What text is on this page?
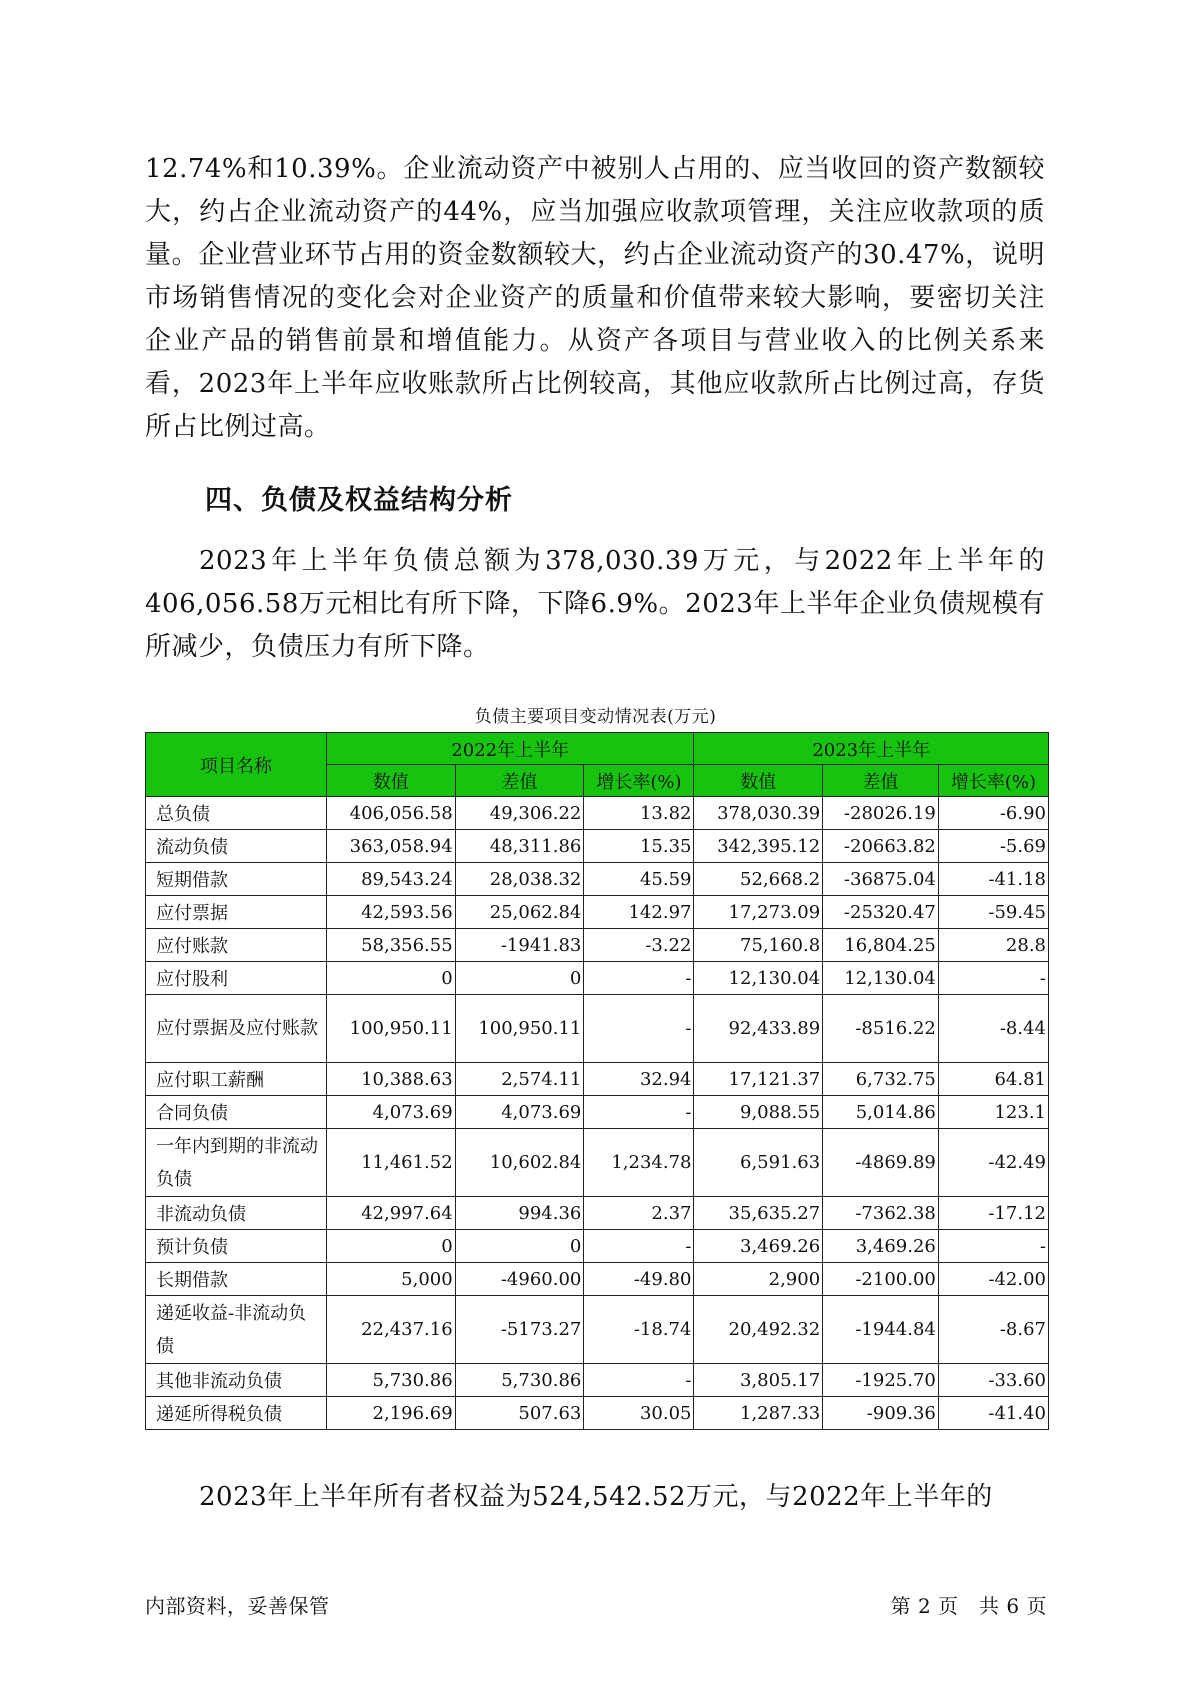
12.74%和10.39%。企业流动资产中被别人占用的、应当收回的资产数额较大，约占企业流动资产的44%，应当加强应收款项管理，关注应收款项的质量。企业营业环节占用的资金数额较大，约占企业流动资产的30.47%，说明市场销售情况的变化会对企业资产的质量和价值带来较大影响，要密切关注企业产品的销售前景和增值能力。从资产各项目与营业收入的比例关系来看，2023年上半年应收账款所占比例较高，其他应收款所占比例过高，存货所占比例过高。

四、负债及权益结构分析

2023年上半年负债总额为378,030.39万元，与2022年上半年的406,056.58万元相比有所下降，下降6.9%。2023年上半年企业负债规模有所减少，负债压力有所下降。

负债主要项目变动情况表(万元)
项目名称	2022年上半年			2023年上半年		
	数值	差值	增长率(%)	数值	差值	增长率(%)
总负债	406,056.58	49,306.22	13.82	378,030.39	-28026.19	-6.90
流动负债	363,058.94	48,311.86	15.35	342,395.12	-20663.82	-5.69
短期借款	89,543.24	28,038.32	45.59	52,668.2	-36875.04	-41.18
应付票据	42,593.56	25,062.84	142.97	17,273.09	-25320.47	-59.45
应付账款	58,356.55	-1941.83	-3.22	75,160.8	16,804.25	28.8
应付股利	0	0	-	12,130.04	12,130.04	-
应付票据及应付账款	100,950.11	100,950.11	-	92,433.89	-8516.22	-8.44
应付职工薪酬	10,388.63	2,574.11	32.94	17,121.37	6,732.75	64.81
合同负债	4,073.69	4,073.69	-	9,088.55	5,014.86	123.1
一年内到期的非流动负债	11,461.52	10,602.84	1,234.78	6,591.63	-4869.89	-42.49
非流动负债	42,997.64	994.36	2.37	35,635.27	-7362.38	-17.12
预计负债	0	0	-	3,469.26	3,469.26	-
长期借款	5,000	-4960.00	-49.80	2,900	-2100.00	-42.00
递延收益-非流动负债	22,437.16	-5173.27	-18.74	20,492.32	-1944.84	-8.67
其他非流动负债	5,730.86	5,730.86	-	3,805.17	-1925.70	-33.60
递延所得税负债	2,196.69	507.63	30.05	1,287.33	-909.36	-41.40

2023年上半年所有者权益为524,542.52万元，与2022年上半年的

内部资料，妥善保管	第 2 页　共 6 页
